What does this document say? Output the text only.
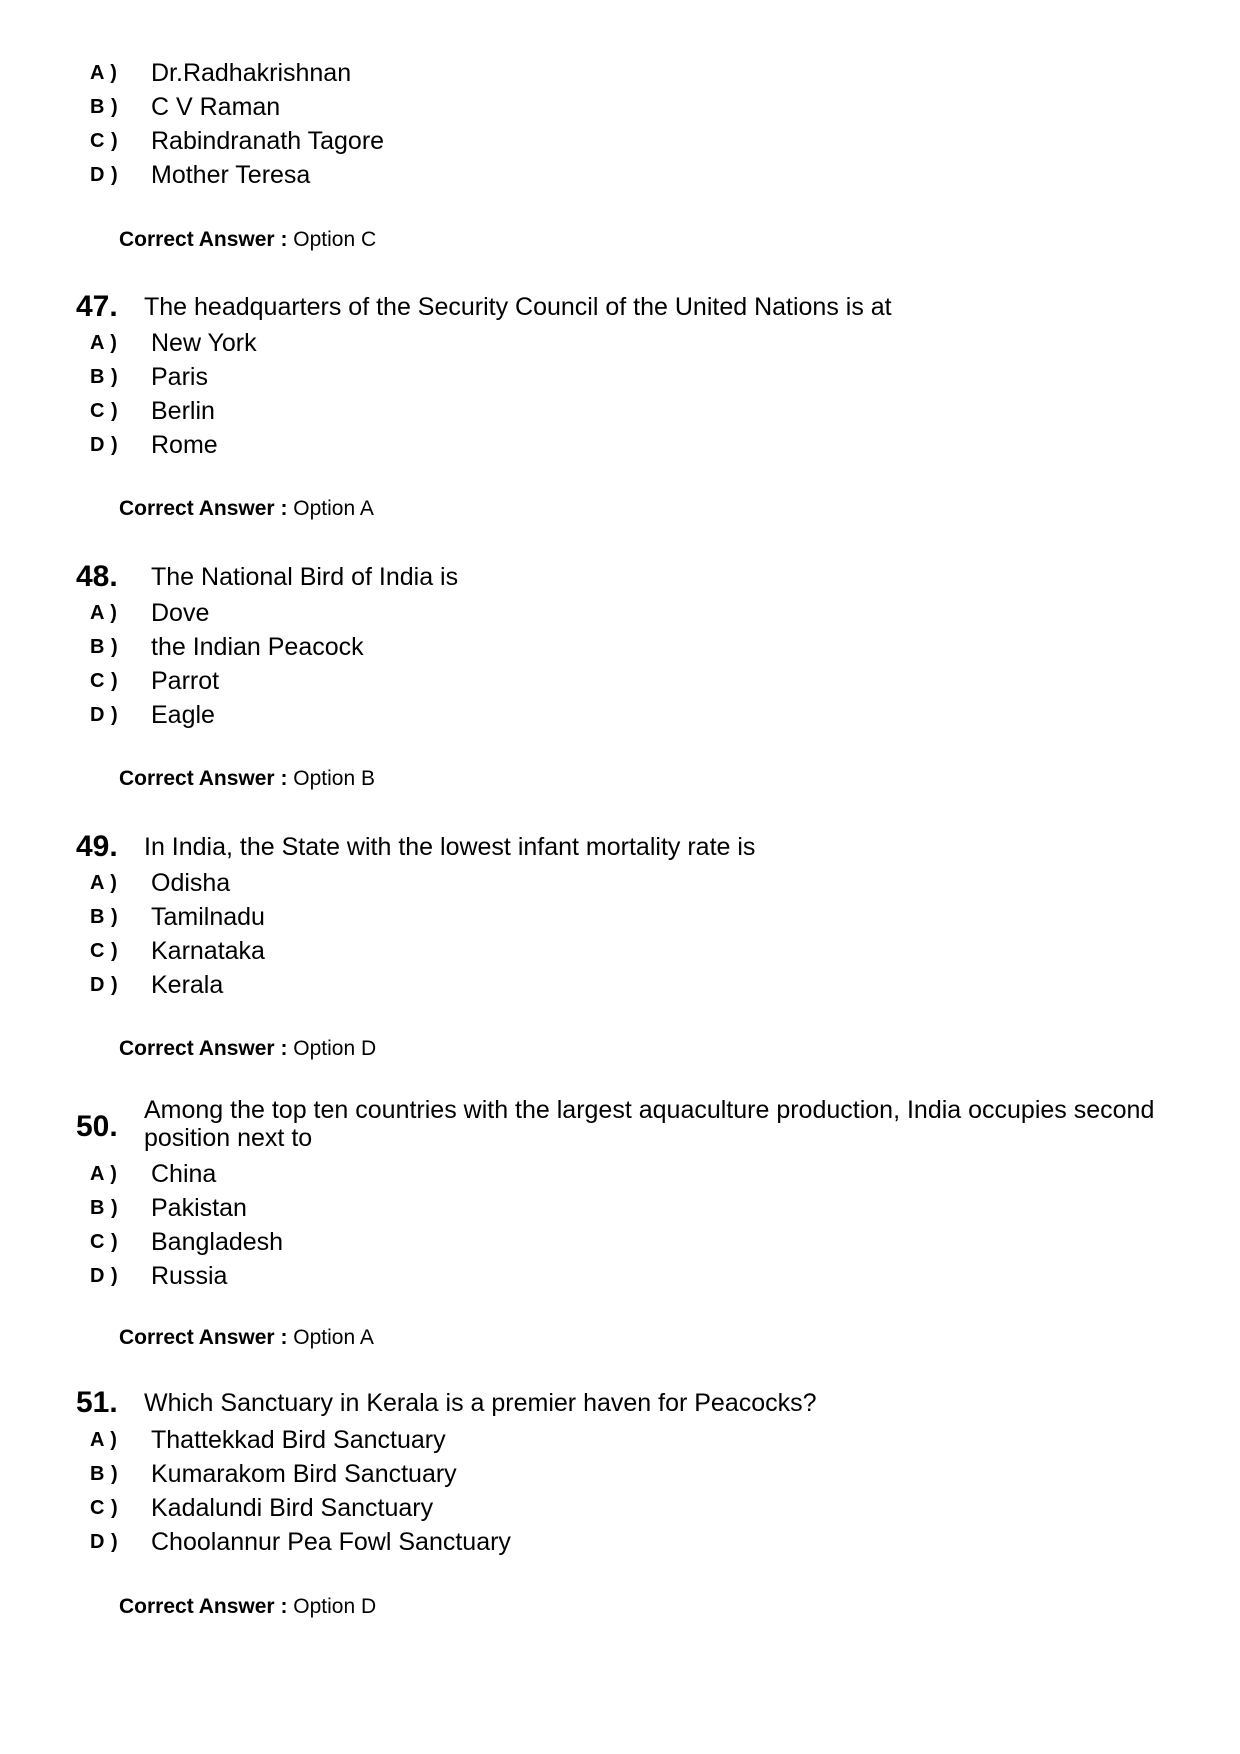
A ) Dr.Radhakrishnan
B ) C V Raman
C ) Rabindranath Tagore
D ) Mother Teresa
Correct Answer : Option C
47. The headquarters of the Security Council of the United Nations is at
A ) New York
B ) Paris
C ) Berlin
D ) Rome
Correct Answer : Option A
48. The National Bird of India is
A ) Dove
B ) the Indian Peacock
C ) Parrot
D ) Eagle
Correct Answer : Option B
49. In India, the State with the lowest infant mortality rate is
A ) Odisha
B ) Tamilnadu
C ) Karnataka
D ) Kerala
Correct Answer : Option D
50. Among the top ten countries with the largest aquaculture production, India occupies second position next to
A ) China
B ) Pakistan
C ) Bangladesh
D ) Russia
Correct Answer : Option A
51. Which Sanctuary in Kerala is a premier haven for Peacocks?
A ) Thattekkad Bird Sanctuary
B ) Kumarakom Bird Sanctuary
C ) Kadalundi Bird Sanctuary
D ) Choolannur Pea Fowl Sanctuary
Correct Answer : Option D
